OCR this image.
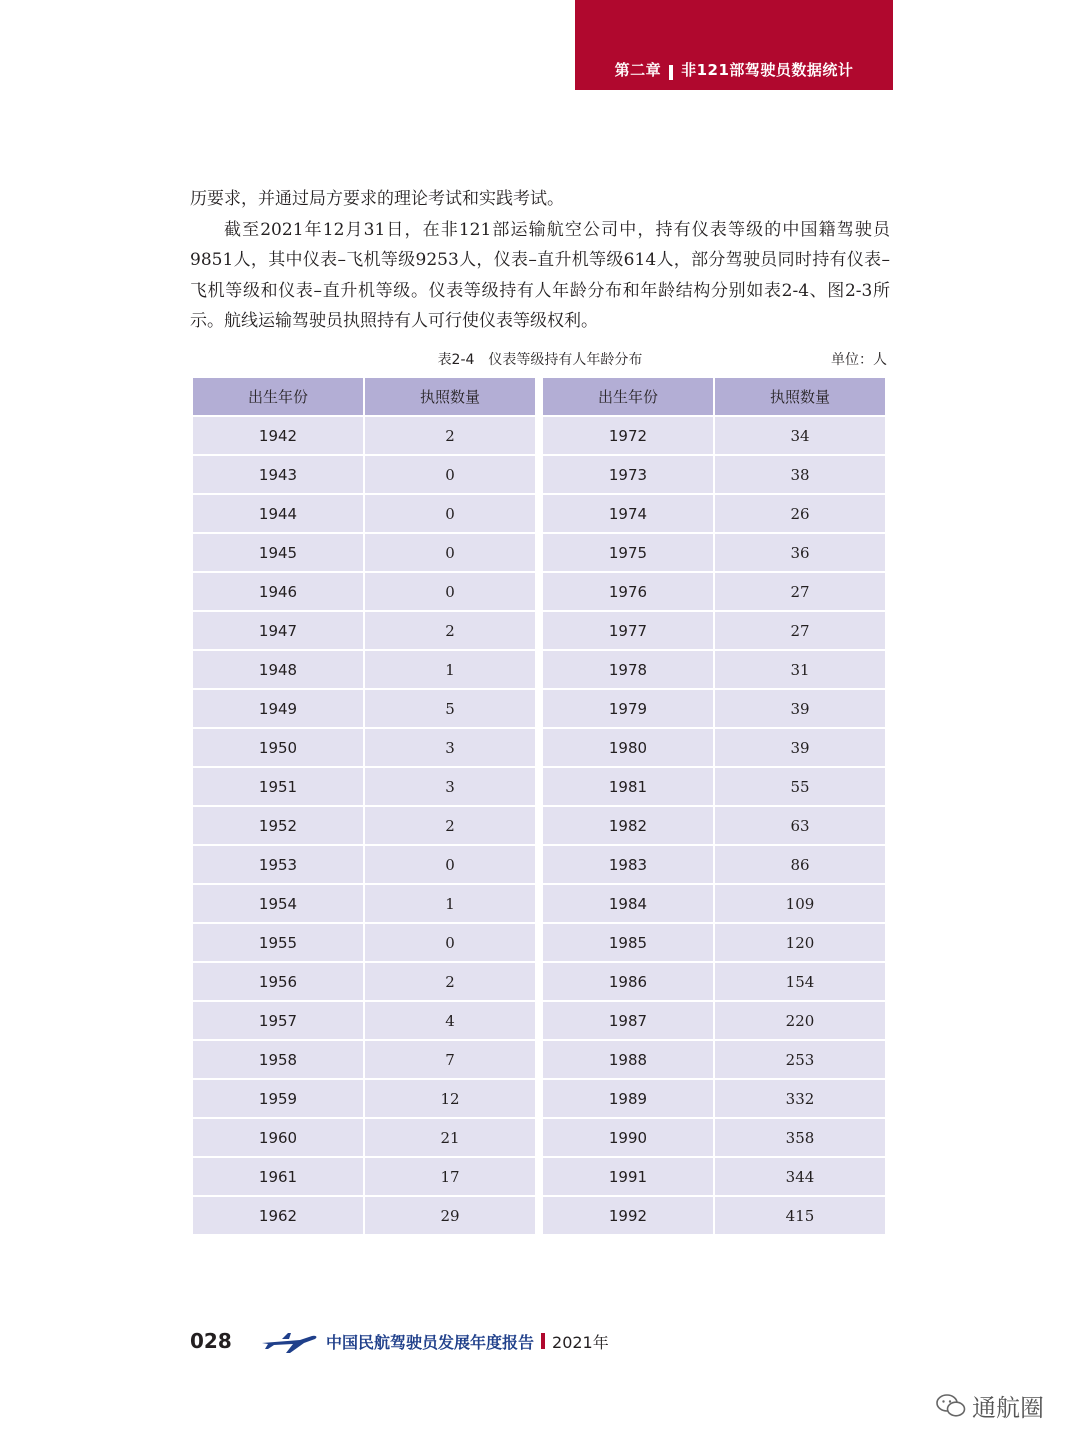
第二章 非121部驾驶员数据统计

历要求，并通过局方要求的理论考试和实践考试。

截至2021年12月31日，在非121部运输航空公司中，持有仪表等级的中国籍驾驶员9851人，其中仪表–飞机等级9253人，仪表–直升机等级614人，部分驾驶员同时持有仪表–飞机等级和仪表–直升机等级。仪表等级持有人年龄分布和年龄结构分别如表2-4、图2-3所示。航线运输驾驶员执照持有人可行使仪表等级权利。

表2-4　仪表等级持有人年龄分布	单位：人
出生年份	执照数量		出生年份	执照数量
1942	2		1972	34
1943	0		1973	38
1944	0		1974	26
1945	0		1975	36
1946	0		1976	27
1947	2		1977	27
1948	1		1978	31
1949	5		1979	39
1950	3		1980	39
1951	3		1981	55
1952	2		1982	63
1953	0		1983	86
1954	1		1984	109
1955	0		1985	120
1956	2		1986	154
1957	4		1987	220
1958	7		1988	253
1959	12		1989	332
1960	21		1990	358
1961	17		1991	344
1962	29		1992	415
028	中国民航驾驶员发展年度报告 2021年
通航圈
